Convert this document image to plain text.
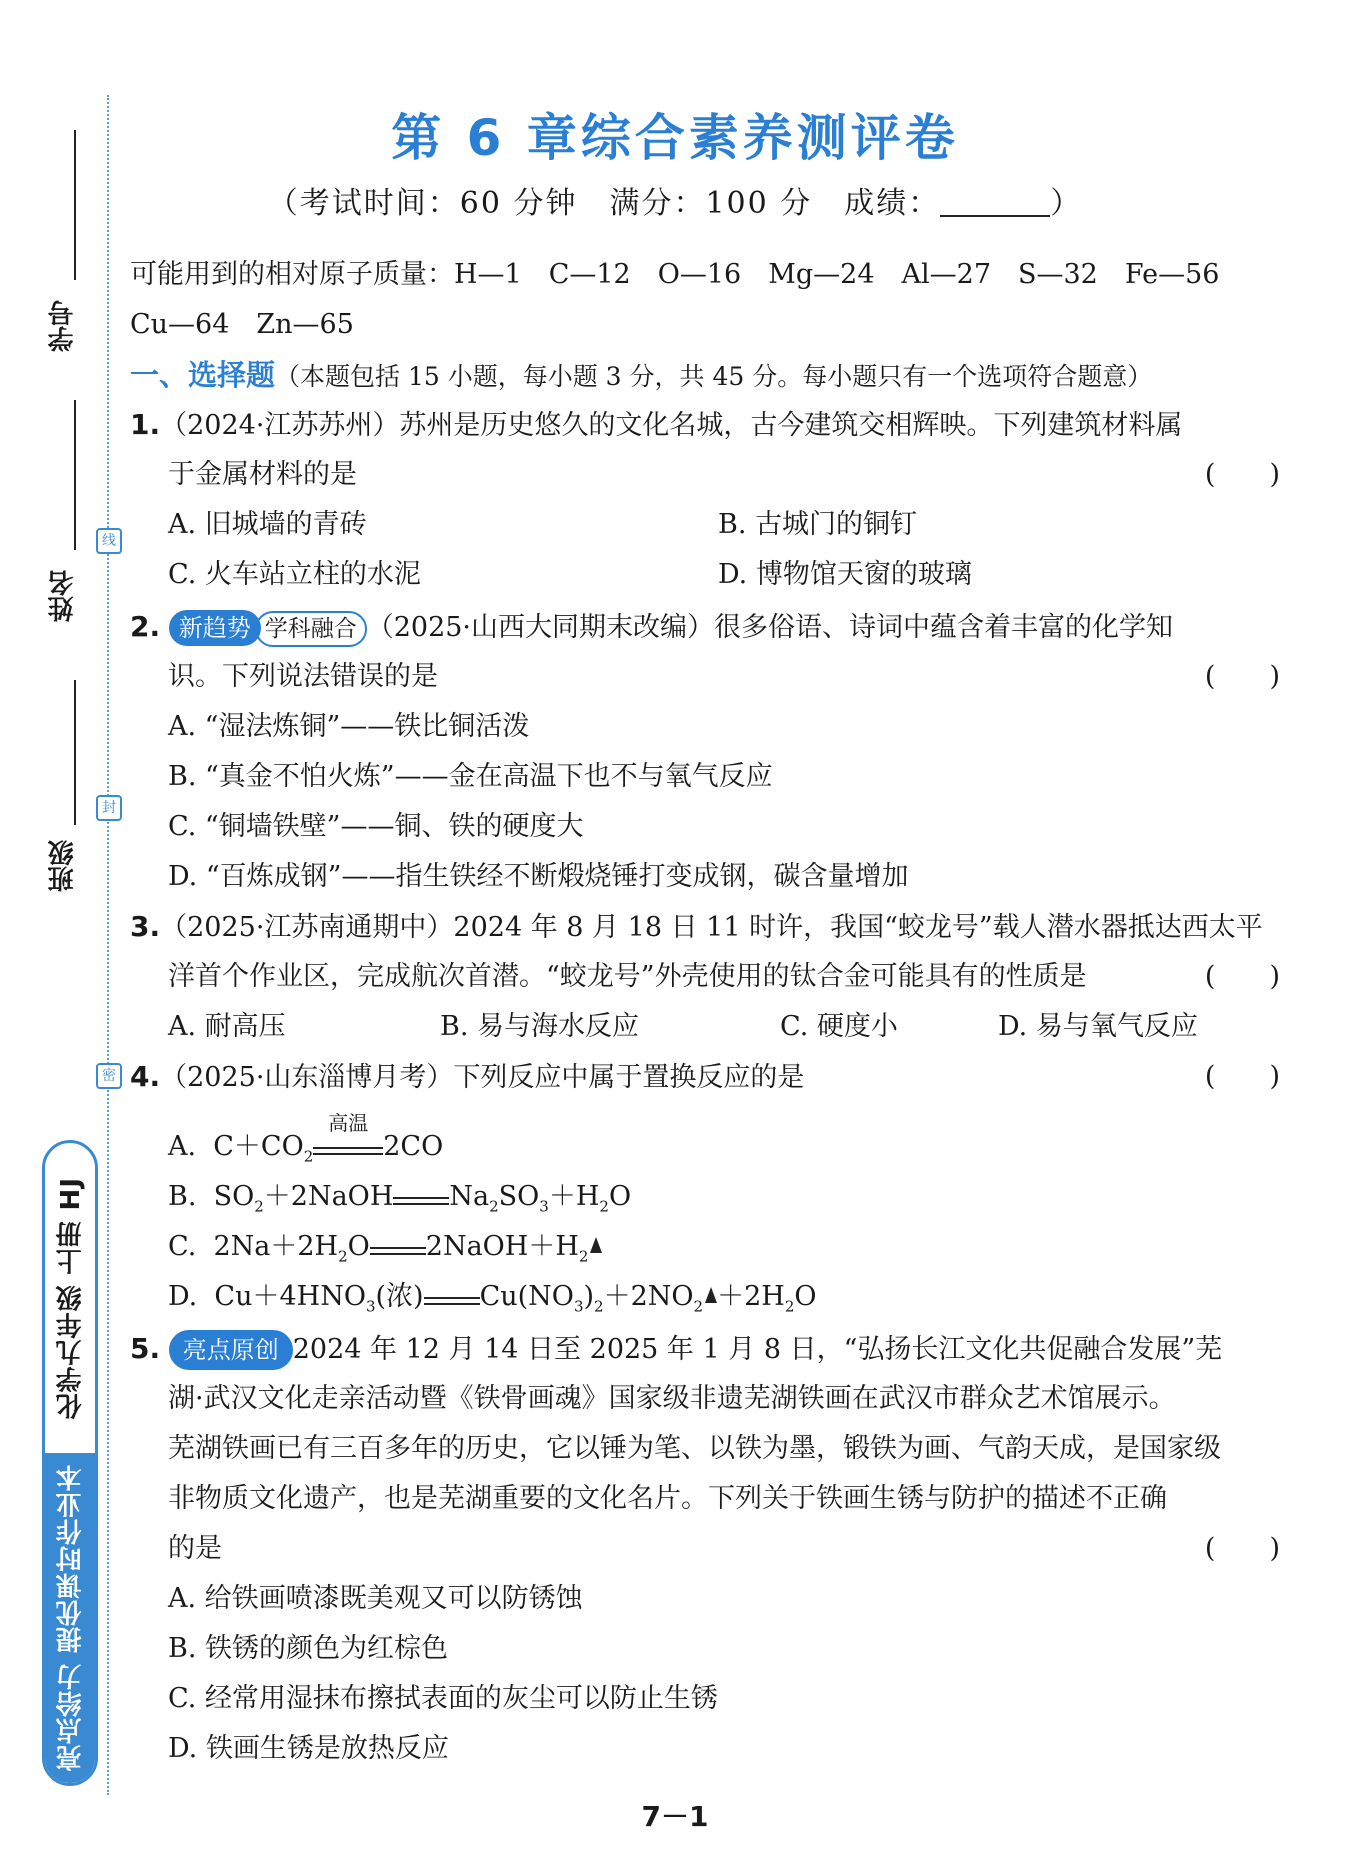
学号
姓名
班级
线
封
密
化学九年级 上册 HJ
亮点给力 提优课时作业本
第 6 章综合素养测评卷
（考试时间：60 分钟　满分：100 分　成绩：	）
可能用到的相对原子质量：H—1　C—12　O—16　Mg—24　Al—27　S—32　Fe—56
Cu—64　Zn—65
一、选择题（本题包括 15 小题，每小题 3 分，共 45 分。每小题只有一个选项符合题意）
1.（2024·江苏苏州）苏州是历史悠久的文化名城，古今建筑交相辉映。下列建筑材料属
于金属材料的是	(　　)
A. 旧城墙的青砖	B. 古城门的铜钉
C. 火车站立柱的水泥	D. 博物馆天窗的玻璃
2. 新趋势 学科融合 （2025·山西大同期末改编）很多俗语、诗词中蕴含着丰富的化学知
识。下列说法错误的是	(　　)
A. “湿法炼铜”——铁比铜活泼
B. “真金不怕火炼”——金在高温下也不与氧气反应
C. “铜墙铁壁”——铜、铁的硬度大
D. “百炼成钢”——指生铁经不断煅烧锤打变成钢，碳含量增加
3.（2025·江苏南通期中）2024 年 8 月 18 日 11 时许，我国“蛟龙号”载人潜水器抵达西太平
洋首个作业区，完成航次首潜。“蛟龙号”外壳使用的钛合金可能具有的性质是	(　　)
A. 耐高压	B. 易与海水反应	C. 硬度小	D. 易与氧气反应
4.（2025·山东淄博月考）下列反应中属于置换反应的是	(　　)
A.  $C+CO_2$
高温
2CO
B.  $SO_2+2NaOH$ $Na_2SO_3+H_2O$
C.  $2Na+2H_2O$ $2NaOH+H_2$
D.  $Cu+4HNO_3$(浓) $Cu(NO_3)_2+2NO_2 +2H_2O$
5. 亮点原创 2024 年 12 月 14 日至 2025 年 1 月 8 日，“弘扬长江文化共促融合发展”芜
湖·武汉文化走亲活动暨《铁骨画魂》国家级非遗芜湖铁画在武汉市群众艺术馆展示。
芜湖铁画已有三百多年的历史，它以锤为笔、以铁为墨，锻铁为画、气韵天成，是国家级
非物质文化遗产，也是芜湖重要的文化名片。下列关于铁画生锈与防护的描述不正确
的是	(　　)
A. 给铁画喷漆既美观又可以防锈蚀
B. 铁锈的颜色为红棕色
C. 经常用湿抹布擦拭表面的灰尘可以防止生锈
D. 铁画生锈是放热反应
7－1
